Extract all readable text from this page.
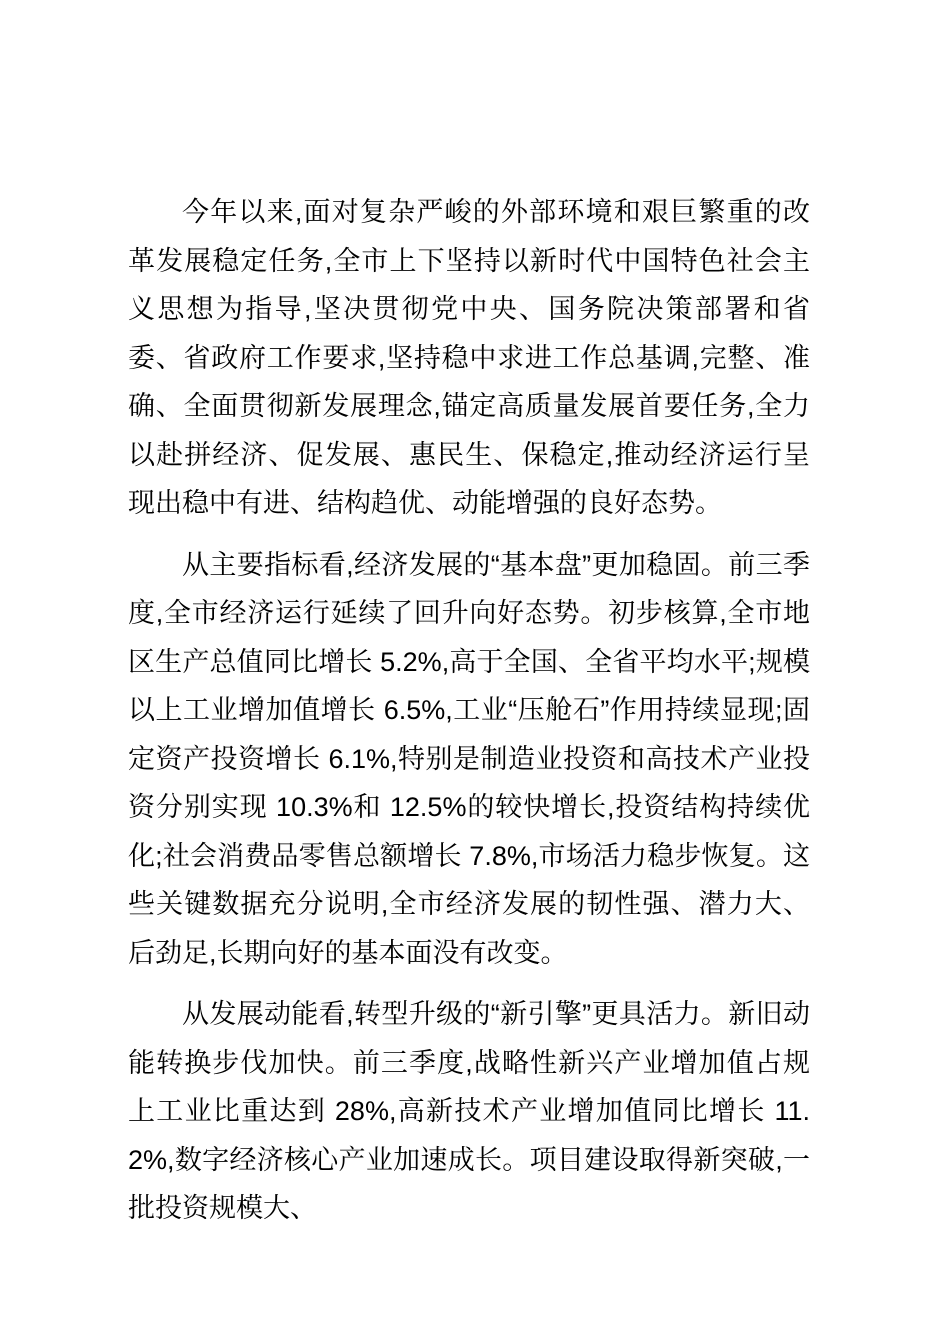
今年以来,面对复杂严峻的外部环境和艰巨繁重的改革发展稳定任务,全市上下坚持以新时代中国特色社会主义思想为指导,坚决贯彻党中央、国务院决策部署和省委、省政府工作要求,坚持稳中求进工作总基调,完整、准确、全面贯彻新发展理念,锚定高质量发展首要任务,全力以赴拼经济、促发展、惠民生、保稳定,推动经济运行呈现出稳中有进、结构趋优、动能增强的良好态势。

从主要指标看,经济发展的“基本盘”更加稳固。前三季度,全市经济运行延续了回升向好态势。初步核算,全市地区生产总值同比增长 5.2%,高于全国、全省平均水平;规模以上工业增加值增长 6.5%,工业“压舱石”作用持续显现;固定资产投资增长 6.1%,特别是制造业投资和高技术产业投资分别实现 10.3%和 12.5%的较快增长,投资结构持续优化;社会消费品零售总额增长 7.8%,市场活力稳步恢复。这些关键数据充分说明,全市经济发展的韧性强、潜力大、后劲足,长期向好的基本面没有改变。

从发展动能看,转型升级的“新引擎”更具活力。新旧动能转换步伐加快。前三季度,战略性新兴产业增加值占规上工业比重达到 28%,高新技术产业增加值同比增长 11.2%,数字经济核心产业加速成长。项目建设取得新突破,一批投资规模大、
